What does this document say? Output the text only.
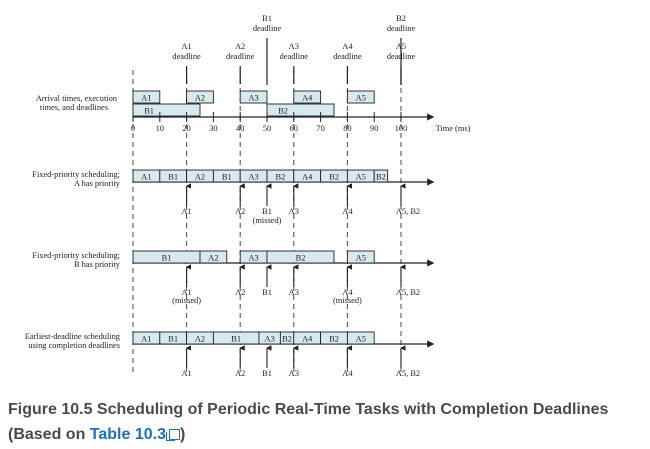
B1
deadline
B2
deadline
A1
deadline
A2
deadline
A3
deadline
A4
deadline
A5
deadline
Arrival times, execution
times, and deadlines
A1	A2	A3	A4	A5
B1	B2
0 10 20 30 40 50 60 70 80 90 100	Time (ms)
Fixed-priority scheduling;
A has priority
A1 B1 A2 B1 A3 B2 A4 B2 A5 B2
A1	A2 B1 A3	A4	A5, B2
(missed)
Fixed-priority scheduling;
B has priority
B1	A2	A3	B2	A5
A1	A2 B1 A3	A4	A5, B2
(missed)	(missed)
Earliest-deadline scheduling
using completion deadlines
A1 B1 A2	B1	A3 B2 A4 B2 A5
A1	A2 B1 A3	A4	A5, B2
Figure 10.5 Scheduling of Periodic Real-Time Tasks with Completion Deadlines (Based on Table 10.3 )
